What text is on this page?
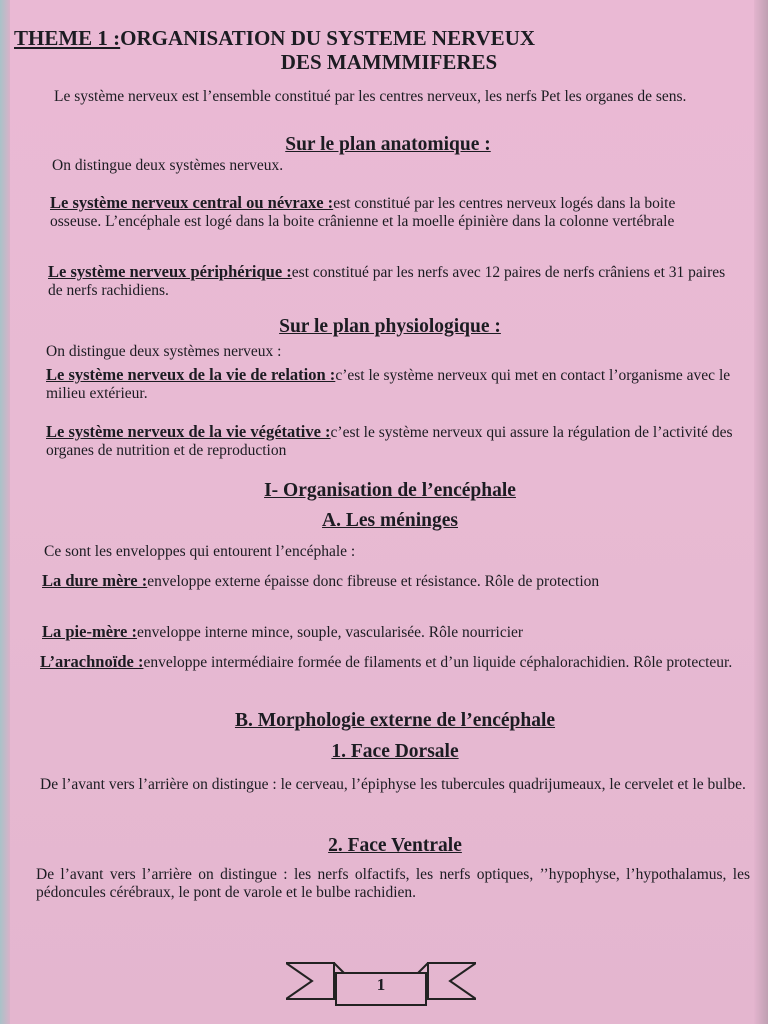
THEME 1 :ORGANISATION DU SYSTEME NERVEUX
DES MAMMMIFERES
Le système nerveux est l’ensemble constitué par les centres nerveux, les nerfs Pet les organes de sens.
Sur le plan anatomique :
On distingue deux systèmes nerveux.
Le système nerveux central ou névraxe :est constitué par les centres nerveux logés dans la boite osseuse. L’encéphale est logé dans la boite crânienne et la moelle épinière dans la colonne vertébrale
Le système nerveux périphérique :est constitué par les nerfs avec 12 paires de nerfs crâniens et 31 paires de nerfs rachidiens.
Sur le plan physiologique :
On distingue deux systèmes nerveux :
Le système nerveux de la vie de relation :c’est le système nerveux qui met en contact l’organisme avec le milieu extérieur.
Le système nerveux de la vie végétative :c’est le système nerveux qui assure la régulation de l’activité des organes de nutrition et de reproduction
I- Organisation de l’encéphale
A. Les méninges
Ce sont les enveloppes qui entourent l’encéphale :
La dure mère :enveloppe externe épaisse donc fibreuse et résistance. Rôle de protection
La pie-mère :enveloppe interne mince, souple, vascularisée. Rôle nourricier
L’arachnoïde :enveloppe intermédiaire formée de filaments et d’un liquide céphalorachidien. Rôle protecteur.
B. Morphologie externe de l’encéphale
1. Face Dorsale
De l’avant vers l’arrière on distingue : le cerveau, l’épiphyse les tubercules quadrijumeaux, le cervelet et le bulbe.
2. Face Ventrale
De l’avant vers l’arrière on distingue : les nerfs olfactifs, les nerfs optiques, ’’hypophyse, l’hypothalamus, les pédoncules cérébraux, le pont de varole et le bulbe rachidien.
1
